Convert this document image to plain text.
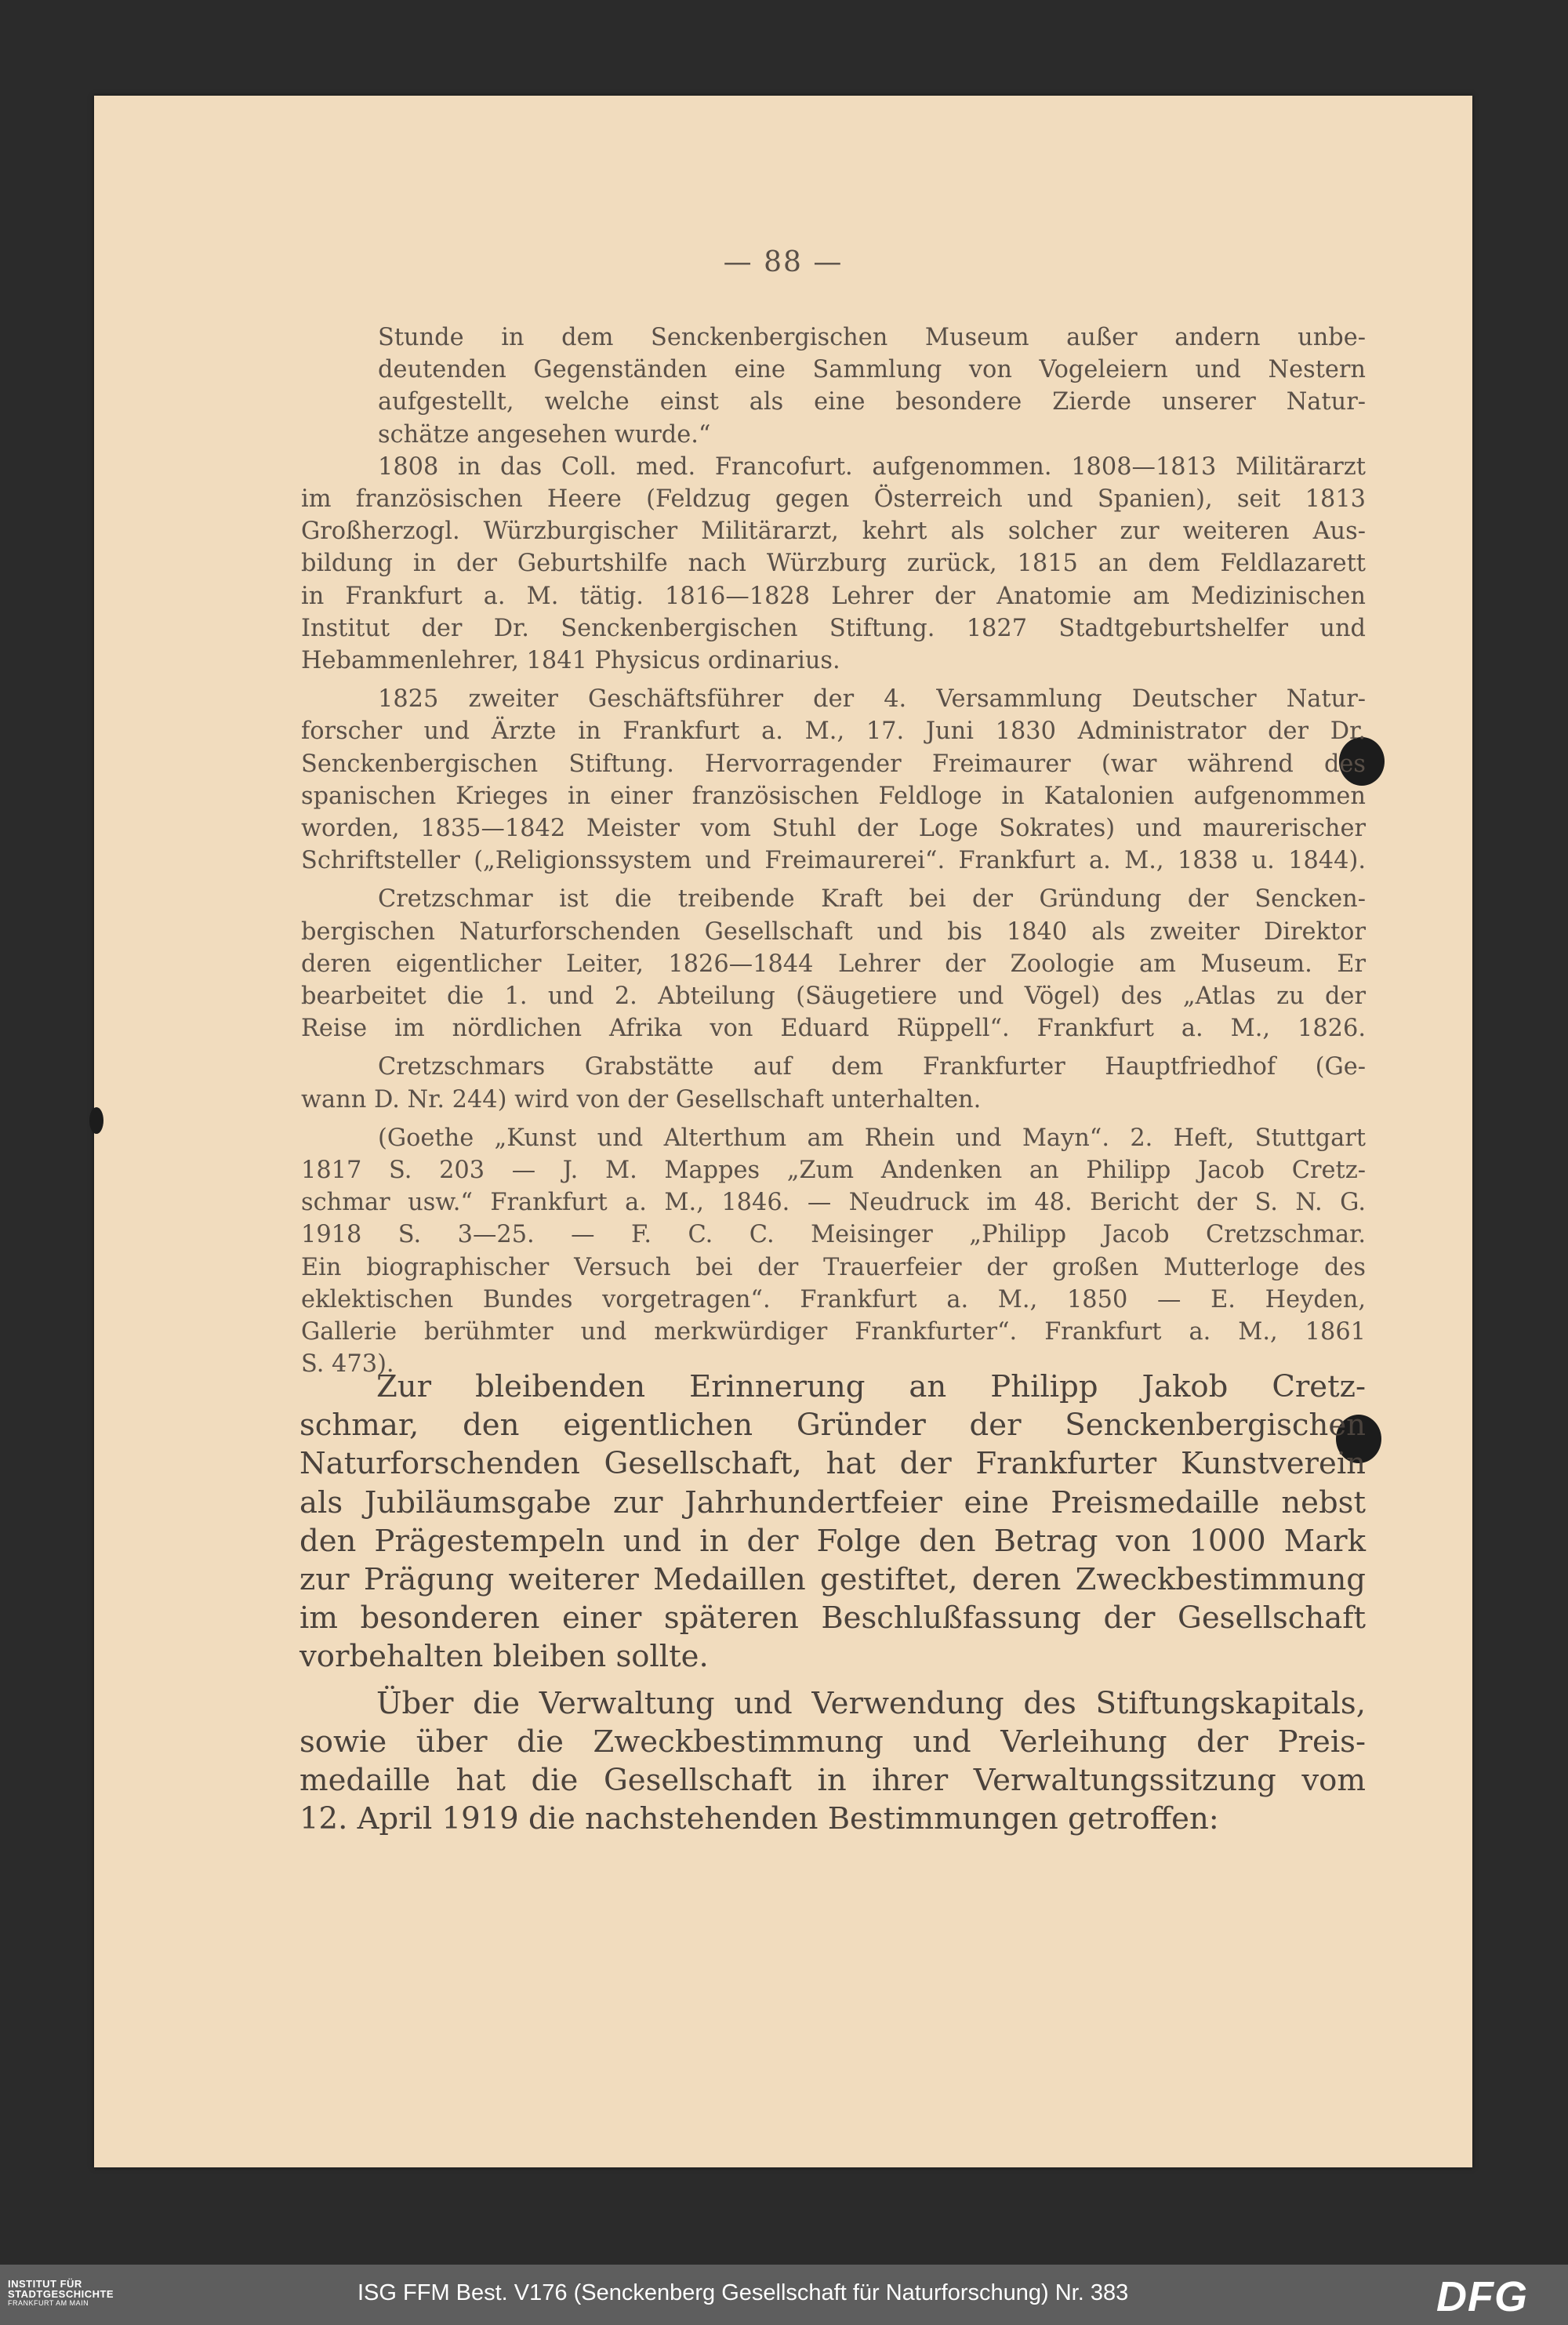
— 88 —

Stunde in dem Senckenbergischen Museum außer andern unbe-

deutenden Gegenständen eine Sammlung von Vogeleiern und Nestern

aufgestellt, welche einst als eine besondere Zierde unserer Natur-

schätze angesehen wurde.“

1808 in das Coll. med. Francofurt. aufgenommen. 1808—1813 Militärarzt

im französischen Heere (Feldzug gegen Österreich und Spanien), seit 1813

Großherzogl. Würzburgischer Militärarzt, kehrt als solcher zur weiteren Aus-

bildung in der Geburtshilfe nach Würzburg zurück, 1815 an dem Feldlazarett

in Frankfurt a. M. tätig. 1816—1828 Lehrer der Anatomie am Medizinischen

Institut der Dr. Senckenbergischen Stiftung. 1827 Stadtgeburtshelfer und

Hebammenlehrer, 1841 Physicus ordinarius.

1825 zweiter Geschäftsführer der 4. Versammlung Deutscher Natur-

forscher und Ärzte in Frankfurt a. M., 17. Juni 1830 Administrator der Dr.

Senckenbergischen Stiftung. Hervorragender Freimaurer (war während des

spanischen Krieges in einer französischen Feldloge in Katalonien aufgenommen

worden, 1835—1842 Meister vom Stuhl der Loge Sokrates) und maurerischer

Schriftsteller („Religionssystem und Freimaurerei“. Frankfurt a. M., 1838 u. 1844).

Cretzschmar ist die treibende Kraft bei der Gründung der Sencken-

bergischen Naturforschenden Gesellschaft und bis 1840 als zweiter Direktor

deren eigentlicher Leiter, 1826—1844 Lehrer der Zoologie am Museum. Er

bearbeitet die 1. und 2. Abteilung (Säugetiere und Vögel) des „Atlas zu der

Reise im nördlichen Afrika von Eduard Rüppell“. Frankfurt a. M., 1826.

Cretzschmars Grabstätte auf dem Frankfurter Hauptfriedhof (Ge-

wann D. Nr. 244) wird von der Gesellschaft unterhalten.

(Goethe „Kunst und Alterthum am Rhein und Mayn“. 2. Heft, Stuttgart

1817 S. 203 — J. M. Mappes „Zum Andenken an Philipp Jacob Cretz-

schmar usw.“ Frankfurt a. M., 1846. — Neudruck im 48. Bericht der S. N. G.

1918 S. 3—25. — F. C. C. Meisinger „Philipp Jacob Cretzschmar.

Ein biographischer Versuch bei der Trauerfeier der großen Mutterloge des

eklektischen Bundes vorgetragen“. Frankfurt a. M., 1850 — E. Heyden,

Gallerie berühmter und merkwürdiger Frankfurter“. Frankfurt a. M., 1861

S. 473).

Zur bleibenden Erinnerung an Philipp Jakob Cretz-

schmar, den eigentlichen Gründer der Senckenbergischen

Naturforschenden Gesellschaft, hat der Frankfurter Kunstverein

als Jubiläumsgabe zur Jahrhundertfeier eine Preismedaille nebst

den Prägestempeln und in der Folge den Betrag von 1000 Mark

zur Prägung weiterer Medaillen gestiftet, deren Zweckbestimmung

im besonderen einer späteren Beschlußfassung der Gesellschaft

vorbehalten bleiben sollte.

Über die Verwaltung und Verwendung des Stiftungskapitals,

sowie über die Zweckbestimmung und Verleihung der Preis-

medaille hat die Gesellschaft in ihrer Verwaltungssitzung vom

12. April 1919 die nachstehenden Bestimmungen getroffen:

INSTITUT FÜR
STADTGESCHICHTE
FRANKFURT AM MAIN	ISG FFM Best. V176 (Senckenberg Gesellschaft für Naturforschung) Nr. 383	DFG
